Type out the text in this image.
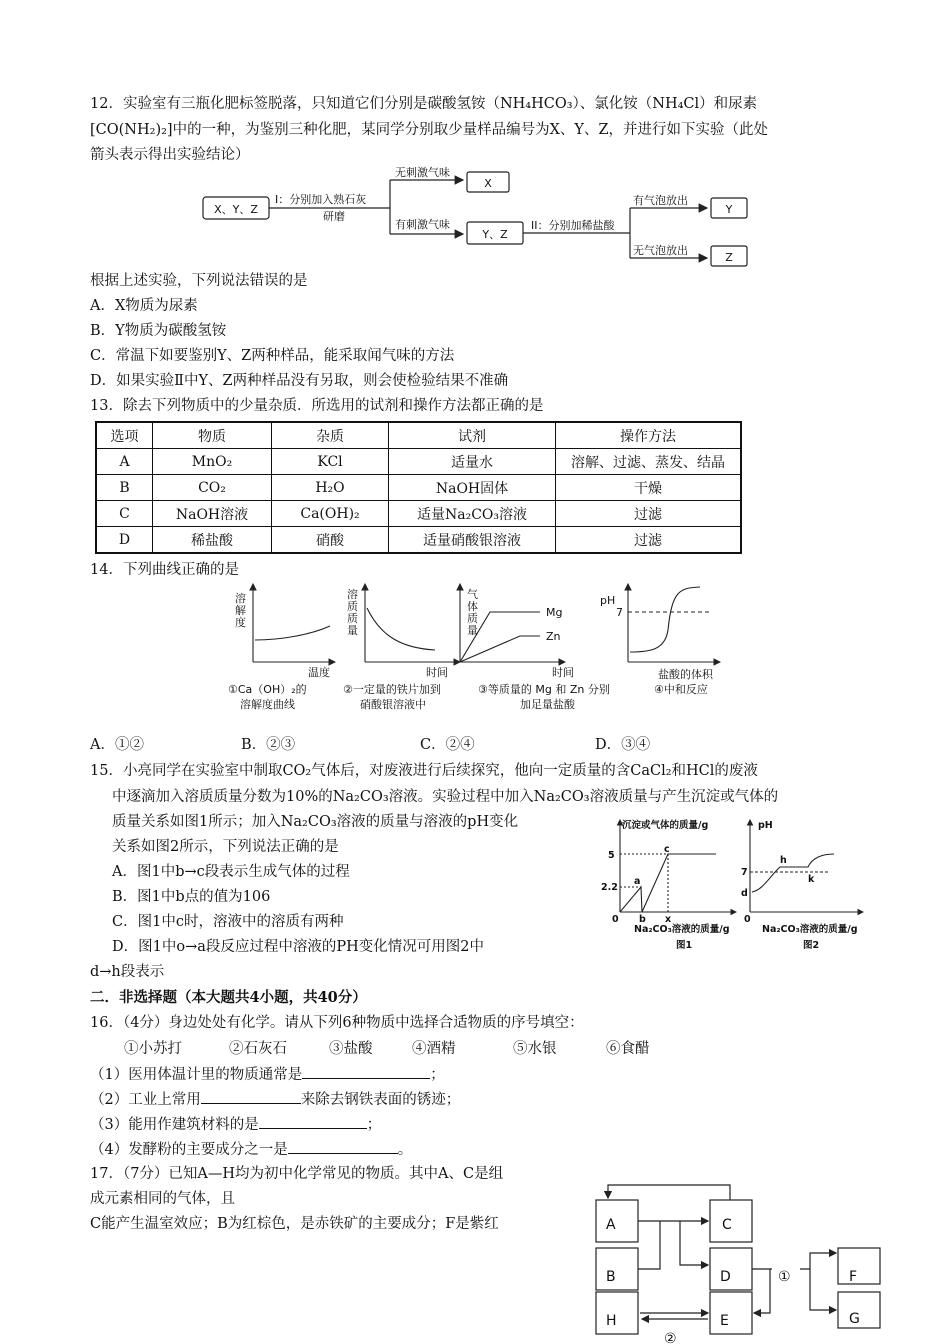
12．实验室有三瓶化肥标签脱落，只知道它们分别是碳酸氢铵（NH₄HCO₃）、氯化铵（NH₄Cl）和尿素
[CO(NH₂)₂]中的一种，为鉴别三种化肥，某同学分别取少量样品编号为X、Y、Z，并进行如下实验（此处
箭头表示得出实验结论）
X、Y、Z
I：分别加入熟石灰
研磨
无刺激气味
有刺激气味
X
Y、Z
II：分别加稀盐酸
有气泡放出
无气泡放出
Y
Z
根据上述实验，下列说法错误的是
A．X物质为尿素
B．Y物质为碳酸氢铵
C．常温下如要鉴别Y、Z两种样品，能采取闻气味的方法
D．如果实验Ⅱ中Y、Z两种样品没有另取，则会使检验结果不准确
13．除去下列物质中的少量杂质．所选用的试剂和操作方法都正确的是
选项	物质	杂质	试剂	操作方法
A	MnO₂	KCl	适量水	溶解、过滤、蒸发、结晶
B	CO₂	H₂O	NaOH固体	干燥
C	NaOH溶液	Ca(OH)₂	适量Na₂CO₃溶液	过滤
D	稀盐酸	硝酸	适量硝酸银溶液	过滤
14．下列曲线正确的是
溶
解
度
温度
①Ca（OH）₂的
溶解度曲线
溶
质
质
量
时间
②一定量的铁片加到
硝酸银溶液中
气
体
质
量
Mg
Zn
时间
③等质量的 Mg 和 Zn 分别
加足量盐酸
pH
7
盐酸的体积
④中和反应
A．①②	B．②③	C．②④	D．③④
15．小亮同学在实验室中制取CO₂气体后，对废液进行后续探究，他向一定质量的含CaCl₂和HCl的废液
中逐滴加入溶质质量分数为10%的Na₂CO₃溶液。实验过程中加入Na₂CO₃溶液质量与产生沉淀或气体的
质量关系如图1所示；加入Na₂CO₃溶液的质量与溶液的pH变化
关系如图2所示，下列说法正确的是
A．图1中b→c段表示生成气体的过程
B．图1中b点的值为106
C．图1中c时，溶液中的溶质有两种
D．图1中o→a段反应过程中溶液的PH变化情况可用图2中
d→h段表示
沉淀或气体的质量/g
5
2.2
0
a
b
c
x
Na₂CO₃溶液的质量/g
图1
pH
7
d
h
k
0
Na₂CO₃溶液的质量/g
图2
二．非选择题（本大题共4小题，共40分）
16．（4分）身边处处有化学。请从下列6种物质中选择合适物质的序号填空：
①小苏打	②石灰石	③盐酸	④酒精	⑤水银	⑥食醋
（1）医用体温计里的物质通常是	；
（2）工业上常用	来除去钢铁表面的锈迹；
（3）能用作建筑材料的是	；
（4）发酵粉的主要成分之一是	。
17．（7分）已知A—H均为初中化学常见的物质。其中A、C是组
成元素相同的气体，且
C能产生温室效应；B为红棕色，是赤铁矿的主要成分；F是紫红	A	C
B	D
H	E
F
G
①
②
